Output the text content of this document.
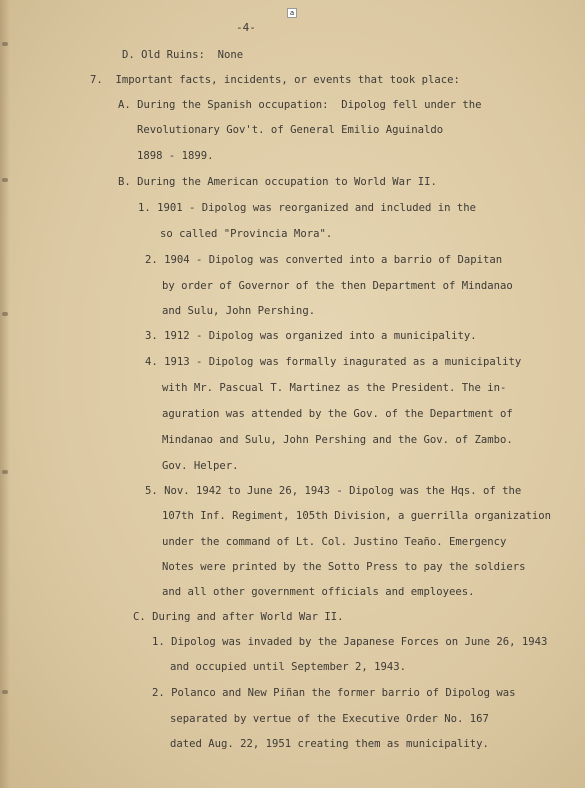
a
-4-
D. Old Ruins:  None
7.  Important facts, incidents, or events that took place:
A. During the Spanish occupation:  Dipolog fell under the
Revolutionary Gov't. of General Emilio Aguinaldo
1898 - 1899.
B. During the American occupation to World War II.
1. 1901 - Dipolog was reorganized and included in the
so called "Provincia Mora".
2. 1904 - Dipolog was converted into a barrio of Dapitan
by order of Governor of the then Department of Mindanao
and Sulu, John Pershing.
3. 1912 - Dipolog was organized into a municipality.
4. 1913 - Dipolog was formally inagurated as a municipality
with Mr. Pascual T. Martinez as the President. The in-
aguration was attended by the Gov. of the Department of
Mindanao and Sulu, John Pershing and the Gov. of Zambo.
Gov. Helper.
5. Nov. 1942 to June 26, 1943 - Dipolog was the Hqs. of the
107th Inf. Regiment, 105th Division, a guerrilla organization
under the command of Lt. Col. Justino Teaño. Emergency
Notes were printed by the Sotto Press to pay the soldiers
and all other government officials and employees.
C. During and after World War II.
1. Dipolog was invaded by the Japanese Forces on June 26, 1943
and occupied until September 2, 1943.
2. Polanco and New Piñan the former barrio of Dipolog was
separated by vertue of the Executive Order No. 167
dated Aug. 22, 1951 creating them as municipality.
